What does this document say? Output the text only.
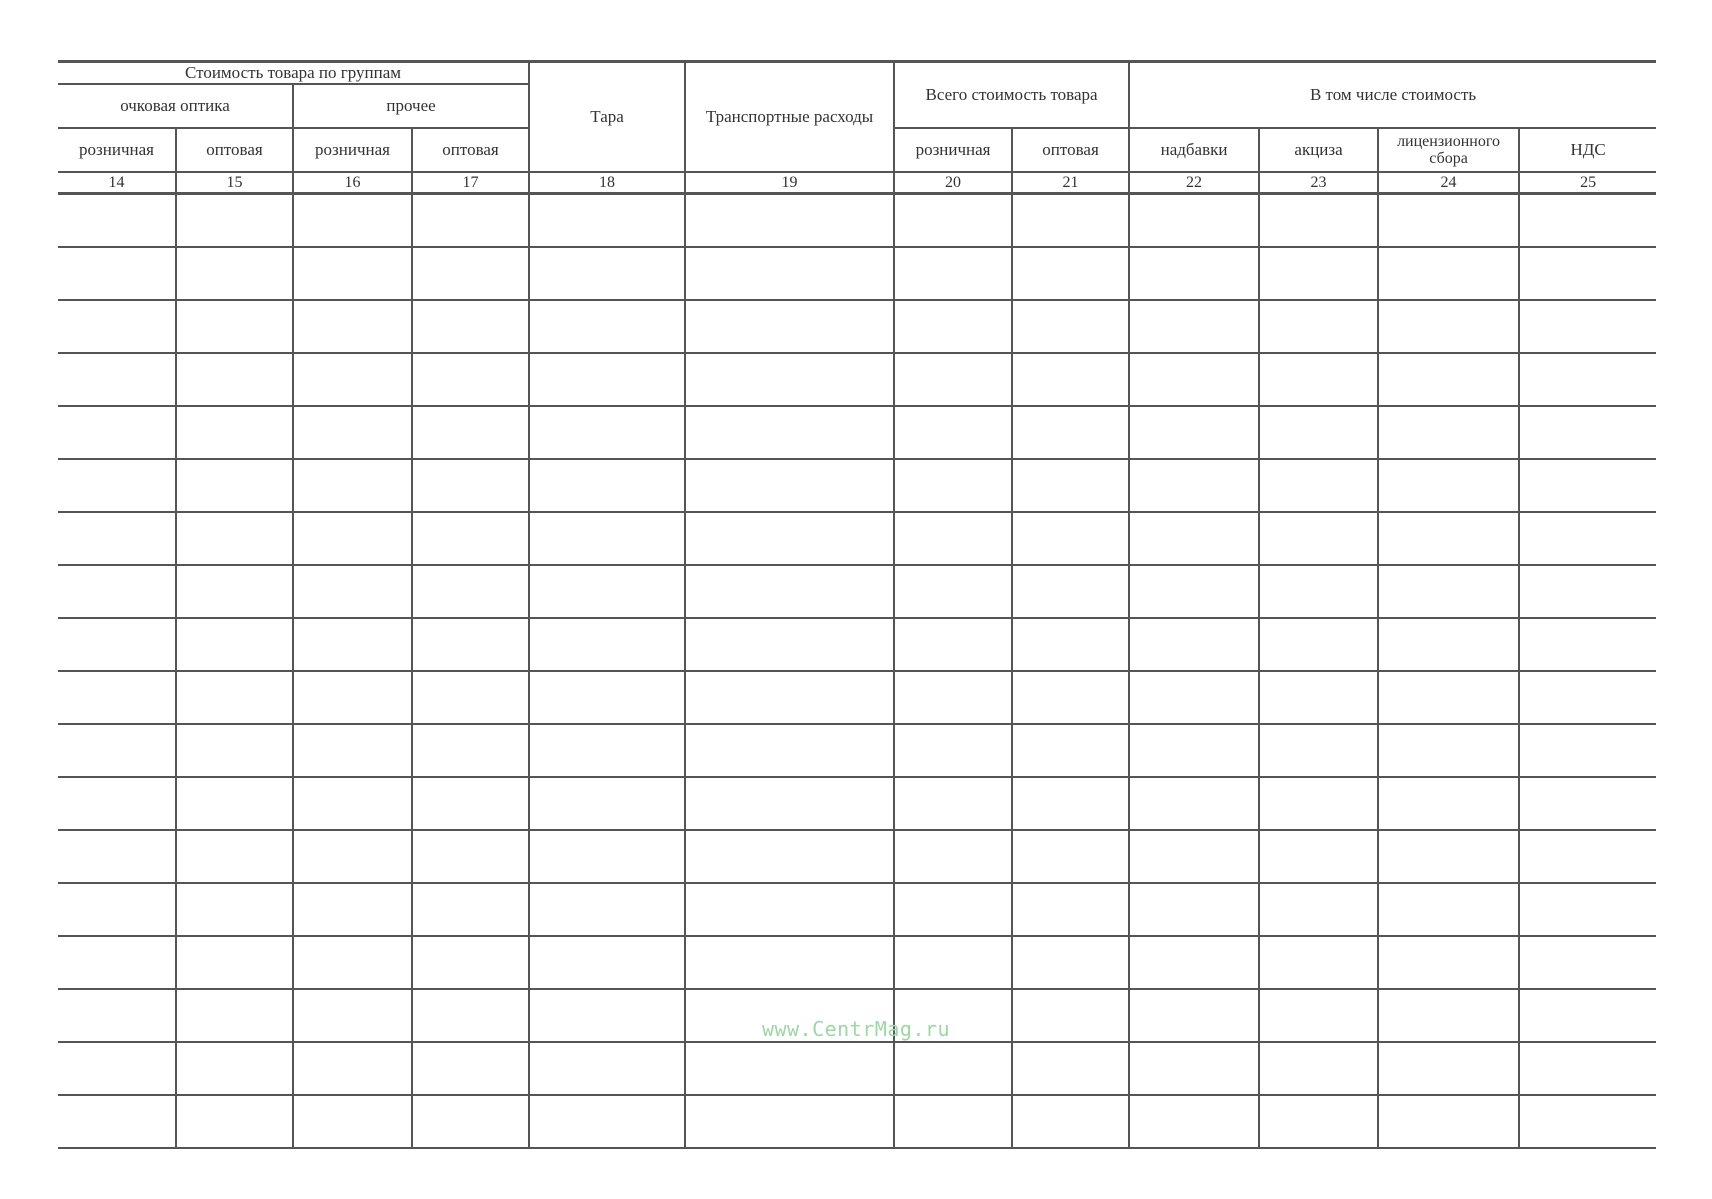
Стоимость товара по группам				Тара	Транспортные расходы	Всего стоимость товара		В том числе стоимость			
очковая оптика		прочее									
розничная	оптовая	розничная	оптовая			розничная	оптовая	надбавки	акциза	лицензионного сбора	НДС
14	15	16	17	18	19	20	21	22	23	24	25

www.CentrMag.ru
